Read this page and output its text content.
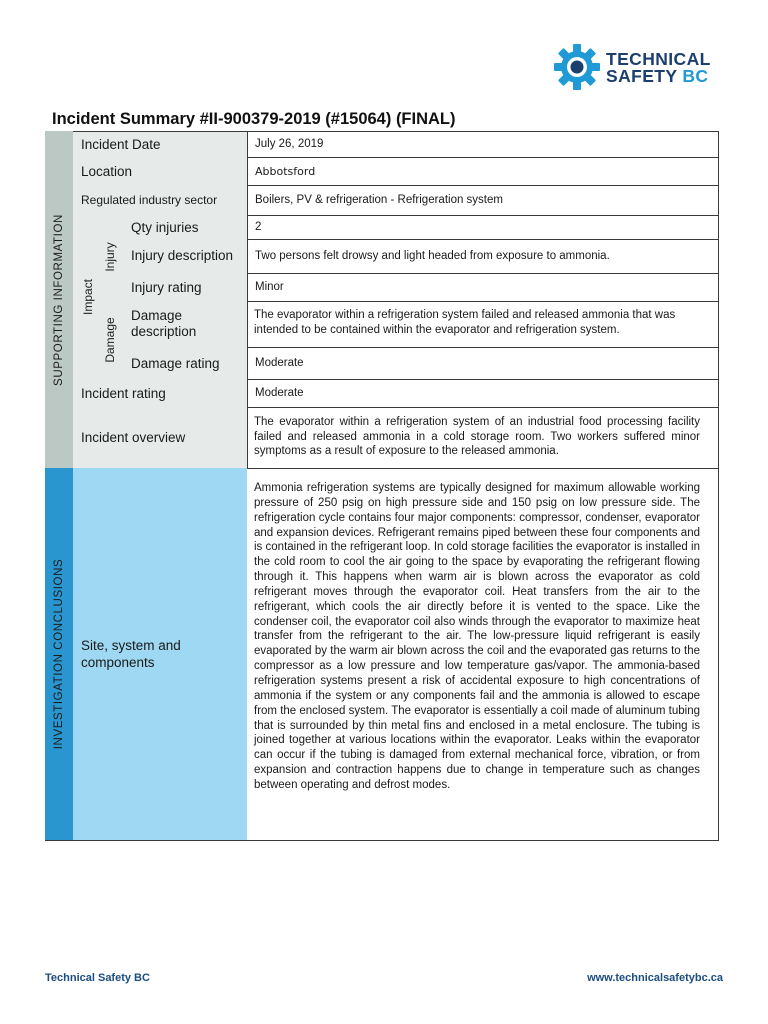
TECHNICAL
SAFETY BC
Incident Summary #II-900379-2019 (#15064) (FINAL)
SUPPORTING INFORMATION
INVESTIGATION CONCLUSIONS
Incident Date
Location
Regulated industry sector
Impact
Injury
Damage
Qty injuries
Injury description
Injury rating
Damage description
Damage rating
Incident rating
Incident overview
Site, system and components
July 26, 2019
Abbotsford
Boilers, PV & refrigeration - Refrigeration system
2
Two persons felt drowsy and light headed from exposure to ammonia.
Minor
The evaporator within a refrigeration system failed and released ammonia that was intended to be contained within the evaporator and refrigeration system.
Moderate
Moderate
The evaporator within a refrigeration system of an industrial food processing facility failed and released ammonia in a cold storage room. Two workers suffered minor symptoms as a result of exposure to the released ammonia.
Ammonia refrigeration systems are typically designed for maximum allowable working pressure of 250 psig on high pressure side and 150 psig on low pressure side. The refrigeration cycle contains four major components: compressor, condenser, evaporator and expansion devices. Refrigerant remains piped between these four components and is contained in the refrigerant loop. In cold storage facilities the evaporator is installed in the cold room to cool the air going to the space by evaporating the refrigerant flowing through it. This happens when warm air is blown across the evaporator as cold refrigerant moves through the evaporator coil. Heat transfers from the air to the refrigerant, which cools the air directly before it is vented to the space. Like the condenser coil, the evaporator coil also winds through the evaporator to maximize heat transfer from the refrigerant to the air. The low-pressure liquid refrigerant is easily evaporated by the warm air blown across the coil and the evaporated gas returns to the compressor as a low pressure and low temperature gas/vapor. The ammonia-based refrigeration systems present a risk of accidental exposure to high concentrations of ammonia if the system or any components fail and the ammonia is allowed to escape from the enclosed system. The evaporator is essentially a coil made of aluminum tubing that is surrounded by thin metal fins and enclosed in a metal enclosure. The tubing is joined together at various locations within the evaporator. Leaks within the evaporator can occur if the tubing is damaged from external mechanical force, vibration, or from expansion and contraction happens due to change in temperature such as changes between operating and defrost modes.
Technical Safety BC	www.technicalsafetybc.ca
